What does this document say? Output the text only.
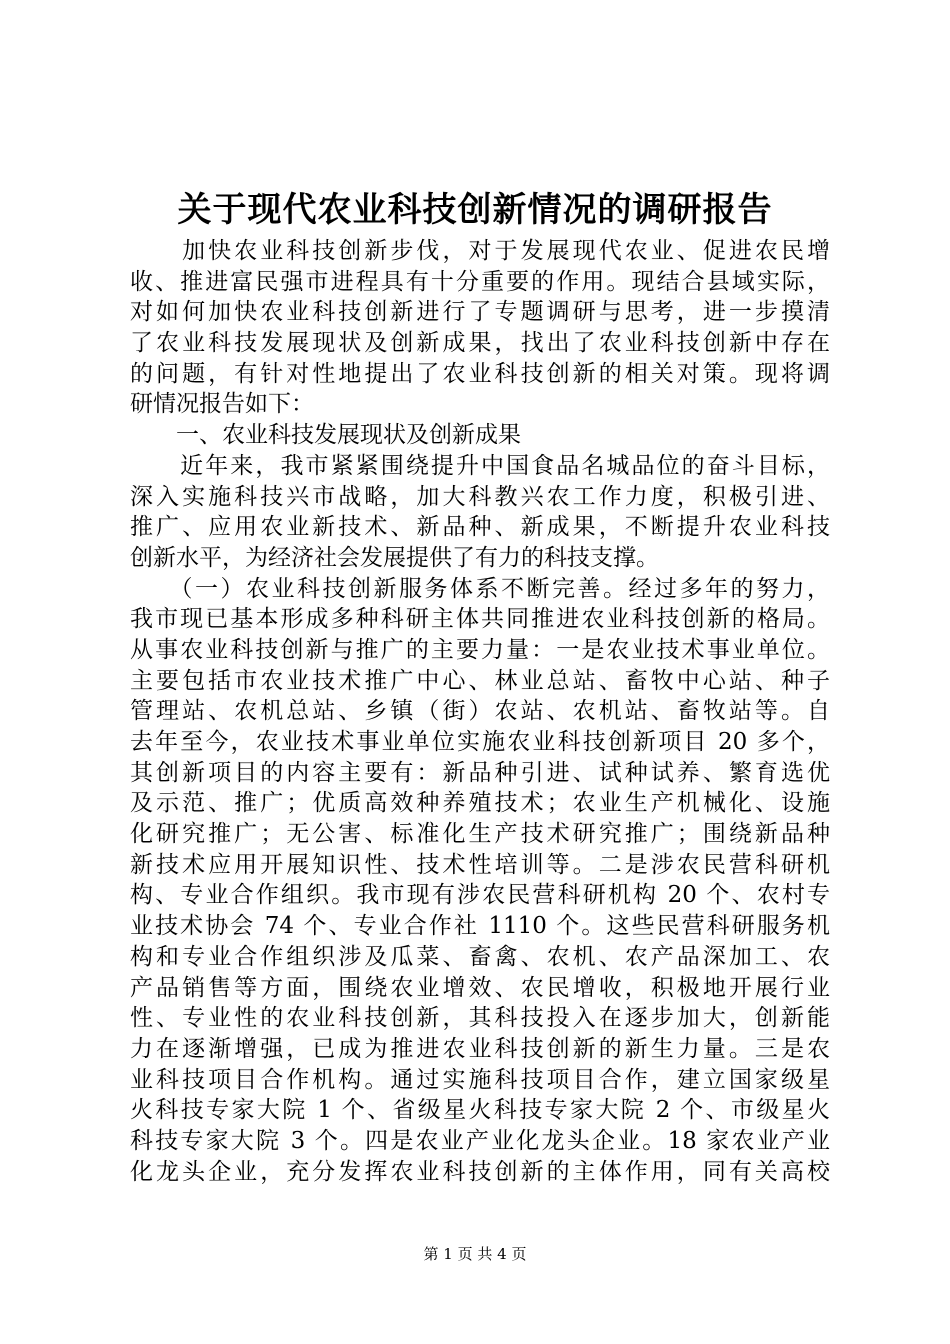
关于现代农业科技创新情况的调研报告
　　加快农业科技创新步伐，对于发展现代农业、促进农民增
收、推进富民强市进程具有十分重要的作用。现结合县域实际，
对如何加快农业科技创新进行了专题调研与思考，进一步摸清
了农业科技发展现状及创新成果，找出了农业科技创新中存在
的问题，有针对性地提出了农业科技创新的相关对策。现将调
研情况报告如下：
　　一、农业科技发展现状及创新成果
　　近年来，我市紧紧围绕提升中国食品名城品位的奋斗目标，
深入实施科技兴市战略，加大科教兴农工作力度，积极引进、
推广、应用农业新技术、新品种、新成果，不断提升农业科技
创新水平，为经济社会发展提供了有力的科技支撑。
　　（一）农业科技创新服务体系不断完善。经过多年的努力，
我市现已基本形成多种科研主体共同推进农业科技创新的格局。
从事农业科技创新与推广的主要力量：一是农业技术事业单位。
主要包括市农业技术推广中心、林业总站、畜牧中心站、种子
管理站、农机总站、乡镇（街）农站、农机站、畜牧站等。自
去年至今，农业技术事业单位实施农业科技创新项目 20 多个，
其创新项目的内容主要有：新品种引进、试种试养、繁育选优
及示范、推广；优质高效种养殖技术；农业生产机械化、设施
化研究推广；无公害、标准化生产技术研究推广；围绕新品种
新技术应用开展知识性、技术性培训等。二是涉农民营科研机
构、专业合作组织。我市现有涉农民营科研机构 20 个、农村专
业技术协会 74 个、专业合作社 1110 个。这些民营科研服务机
构和专业合作组织涉及瓜菜、畜禽、农机、农产品深加工、农
产品销售等方面，围绕农业增效、农民增收，积极地开展行业
性、专业性的农业科技创新，其科技投入在逐步加大，创新能
力在逐渐增强，已成为推进农业科技创新的新生力量。三是农
业科技项目合作机构。通过实施科技项目合作，建立国家级星
火科技专家大院 1 个、省级星火科技专家大院 2 个、市级星火
科技专家大院 3 个。四是农业产业化龙头企业。18 家农业产业
化龙头企业，充分发挥农业科技创新的主体作用，同有关高校
第 1 页 共 4 页
